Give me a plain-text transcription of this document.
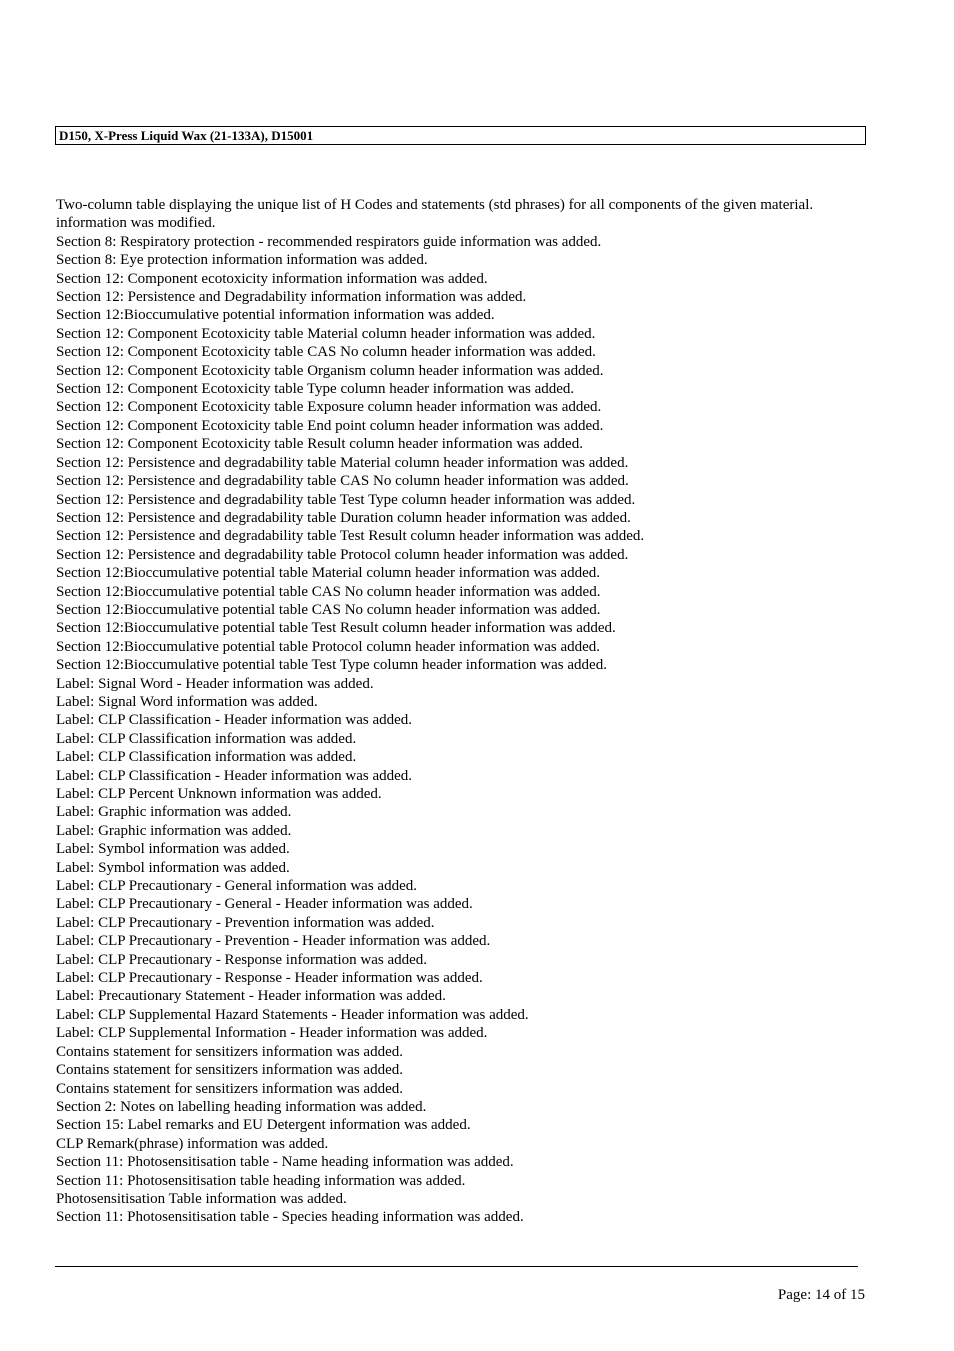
D150, X-Press Liquid Wax (21-133A), D15001
Two-column table displaying the unique list of H Codes and statements (std phrases) for all components of the given material. information was modified.
Section 8: Respiratory protection - recommended respirators guide information was added.
Section 8: Eye protection information information was added.
Section 12: Component ecotoxicity information information was added.
Section 12: Persistence and Degradability information information was added.
Section 12:Bioccumulative potential information information was added.
Section 12: Component Ecotoxicity table Material column header information was added.
Section 12: Component Ecotoxicity table CAS No column header information was added.
Section 12: Component Ecotoxicity table Organism column header information was added.
Section 12: Component Ecotoxicity table Type column header information was added.
Section 12: Component Ecotoxicity table Exposure column header information was added.
Section 12: Component Ecotoxicity table End point column header information was added.
Section 12: Component Ecotoxicity table Result column header information was added.
Section 12: Persistence and degradability table Material column header information was added.
Section 12: Persistence and degradability table CAS No column header information was added.
Section 12: Persistence and degradability table Test Type column header information was added.
Section 12: Persistence and degradability table Duration column header information was added.
Section 12: Persistence and degradability table Test Result column header information was added.
Section 12: Persistence and degradability table Protocol column header information was added.
Section 12:Bioccumulative potential table Material column header information was added.
Section 12:Bioccumulative potential table CAS No column header information was added.
Section 12:Bioccumulative potential table CAS No column header information was added.
Section 12:Bioccumulative potential table Test Result column header information was added.
Section 12:Bioccumulative potential table Protocol column header information was added.
Section 12:Bioccumulative potential table Test Type column header information was added.
Label: Signal Word - Header information was added.
Label: Signal Word information was added.
Label: CLP Classification - Header information was added.
Label: CLP Classification information was added.
Label: CLP Classification information was added.
Label: CLP Classification - Header information was added.
Label: CLP Percent Unknown information was added.
Label: Graphic information was added.
Label: Graphic information was added.
Label: Symbol information was added.
Label: Symbol information was added.
Label: CLP Precautionary - General information was added.
Label: CLP Precautionary - General - Header information was added.
Label: CLP Precautionary - Prevention information was added.
Label: CLP Precautionary - Prevention - Header information was added.
Label: CLP Precautionary - Response information was added.
Label: CLP Precautionary - Response - Header information was added.
Label: Precautionary Statement - Header information was added.
Label: CLP Supplemental Hazard Statements - Header information was added.
Label: CLP Supplemental Information - Header information was added.
Contains statement for sensitizers information was added.
Contains statement for sensitizers information was added.
Contains statement for sensitizers information was added.
Section 2: Notes on labelling heading information was added.
Section 15: Label remarks and EU Detergent information was added.
CLP Remark(phrase) information was added.
Section 11: Photosensitisation table - Name heading information was added.
Section 11: Photosensitisation table heading information was added.
Photosensitisation Table information was added.
Section 11: Photosensitisation table - Species heading information was added.
Page: 14 of 15
